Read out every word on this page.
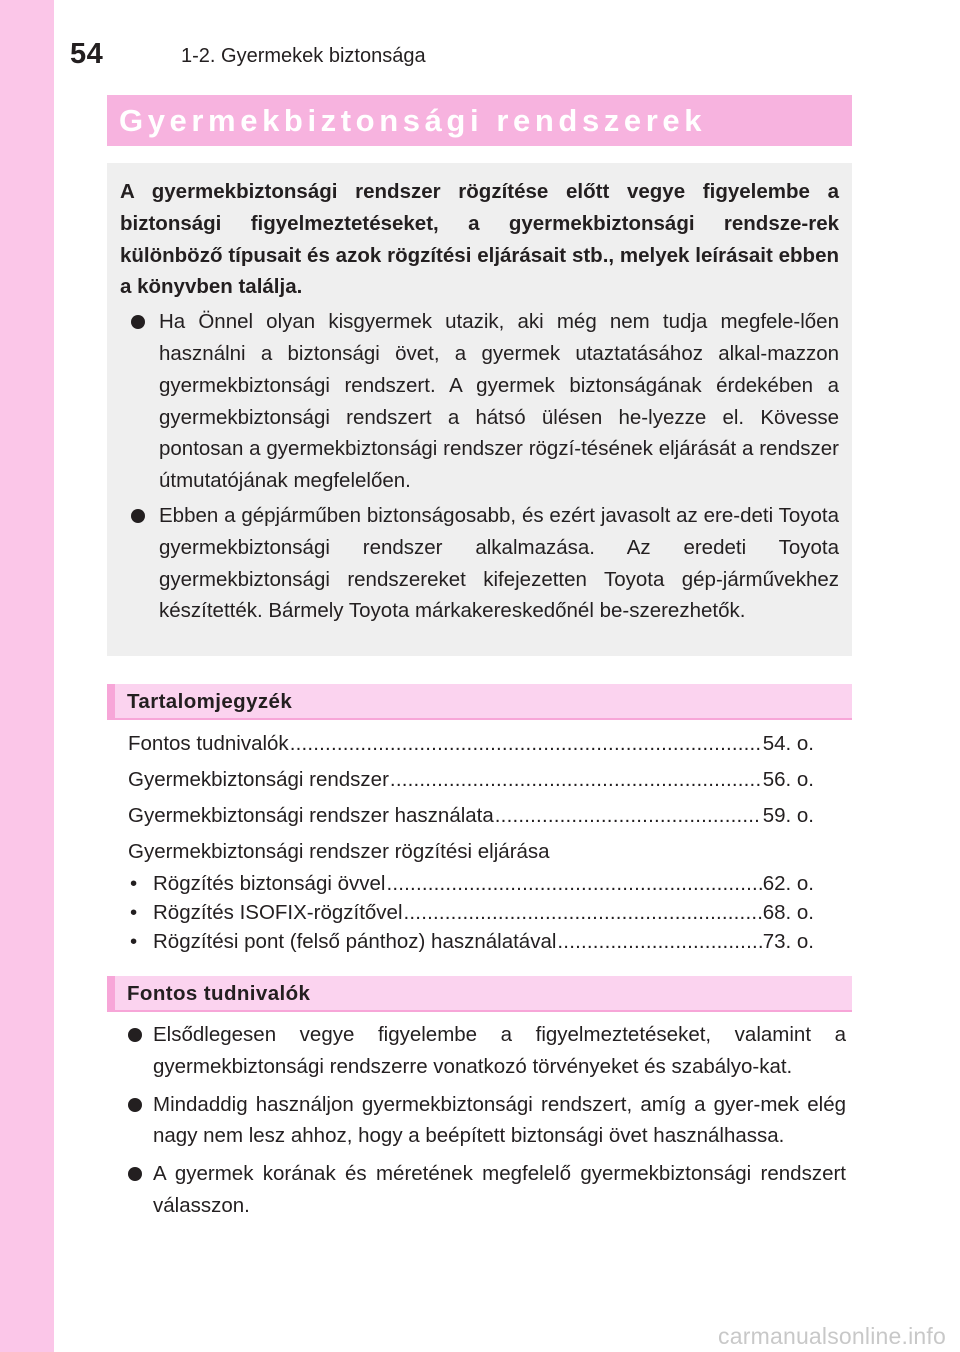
54	1-2. Gyermekek biztonsága
Gyermekbiztonsági rendszerek

A gyermekbiztonsági rendszer rögzítése előtt vegye figyelembe a biztonsági figyelmeztetéseket, a gyermekbiztonsági rendsze-rek különböző típusait és azok rögzítési eljárásait stb., melyek leírásait ebben a könyvben találja.

Ha Önnel olyan kisgyermek utazik, aki még nem tudja megfele-lően használni a biztonsági övet, a gyermek utaztatásához alkal-mazzon gyermekbiztonsági rendszert. A gyermek biztonságának érdekében a gyermekbiztonsági rendszert a hátsó ülésen he-lyezze el. Kövesse pontosan a gyermekbiztonsági rendszer rögzí-tésének eljárását a rendszer útmutatójának megfelelően.

Ebben a gépjárműben biztonságosabb, és ezért javasolt az ere-deti Toyota gyermekbiztonsági rendszer alkalmazása. Az eredeti Toyota gyermekbiztonsági rendszereket kifejezetten Toyota gép-járművekhez készítették. Bármely Toyota márkakereskedőnél be-szerezhetők.

Tartalomjegyzék
Fontos tudnivalók .....	54. o.
Gyermekbiztonsági rendszer .....	56. o.
Gyermekbiztonsági rendszer használata .....	59. o.
Gyermekbiztonsági rendszer rögzítési eljárása
• Rögzítés biztonsági övvel .....	62. o.
• Rögzítés ISOFIX-rögzítővel .....	68. o.
• Rögzítési pont (felső pánthoz) használatával .....	73. o.
Fontos tudnivalók

Elsődlegesen vegye figyelembe a figyelmeztetéseket, valamint a gyermekbiztonsági rendszerre vonatkozó törvényeket és szabályo-kat.

Mindaddig használjon gyermekbiztonsági rendszert, amíg a gyer-mek elég nagy nem lesz ahhoz, hogy a beépített biztonsági övet használhassa.

A gyermek korának és méretének megfelelő gyermekbiztonsági rendszert válasszon.

carmanualsonline.info
